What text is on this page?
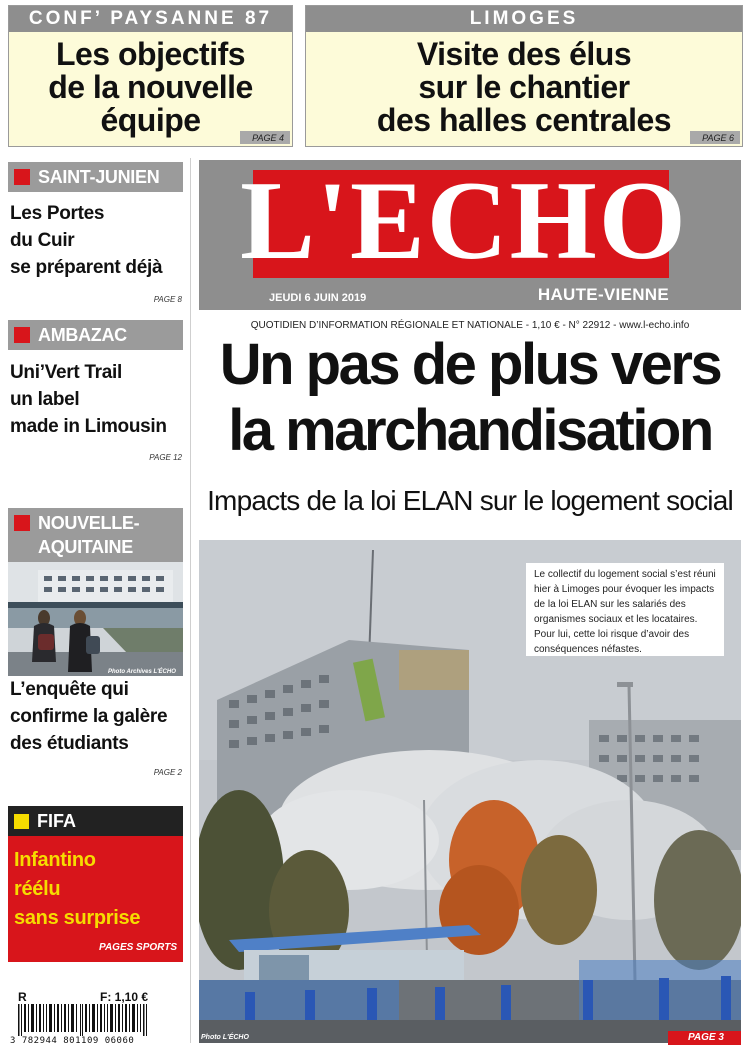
CONF’ PAYSANNE 87
Les objectifs
de la nouvelle
équipe	PAGE 4
LIMOGES
Visite des élus
sur le chantier
des halles centrales	PAGE 6
SAINT-JUNIEN
Les Portes
du Cuir
se préparent déjà
PAGE 8
AMBAZAC
Uni’Vert Trail
un label
made in Limousin
PAGE 12
NOUVELLE-
AQUITAINE
Photo Archives L'ÉCHO
L’enquête qui
confirme la galère
des étudiants
PAGE 2
FIFA
Infantino
réélu
sans surprise
PAGES SPORTS
R	F: 1,10 €
3 782944 801109 06060
L'ECHO
JEUDI 6 JUIN 2019	HAUTE-VIENNE
QUOTIDIEN D’INFORMATION RÉGIONALE ET NATIONALE - 1,10 € - N° 22912 - www.l-echo.info
Un pas de plus vers
la marchandisation
Impacts de la loi ELAN sur le logement social
Le collectif du logement social s’est réuni hier à Limoges pour évoquer les impacts de la loi ELAN sur les salariés des organismes sociaux et les locataires. Pour lui, cette loi risque d’avoir des conséquences néfastes.
Photo L'ÉCHO	PAGE 3
